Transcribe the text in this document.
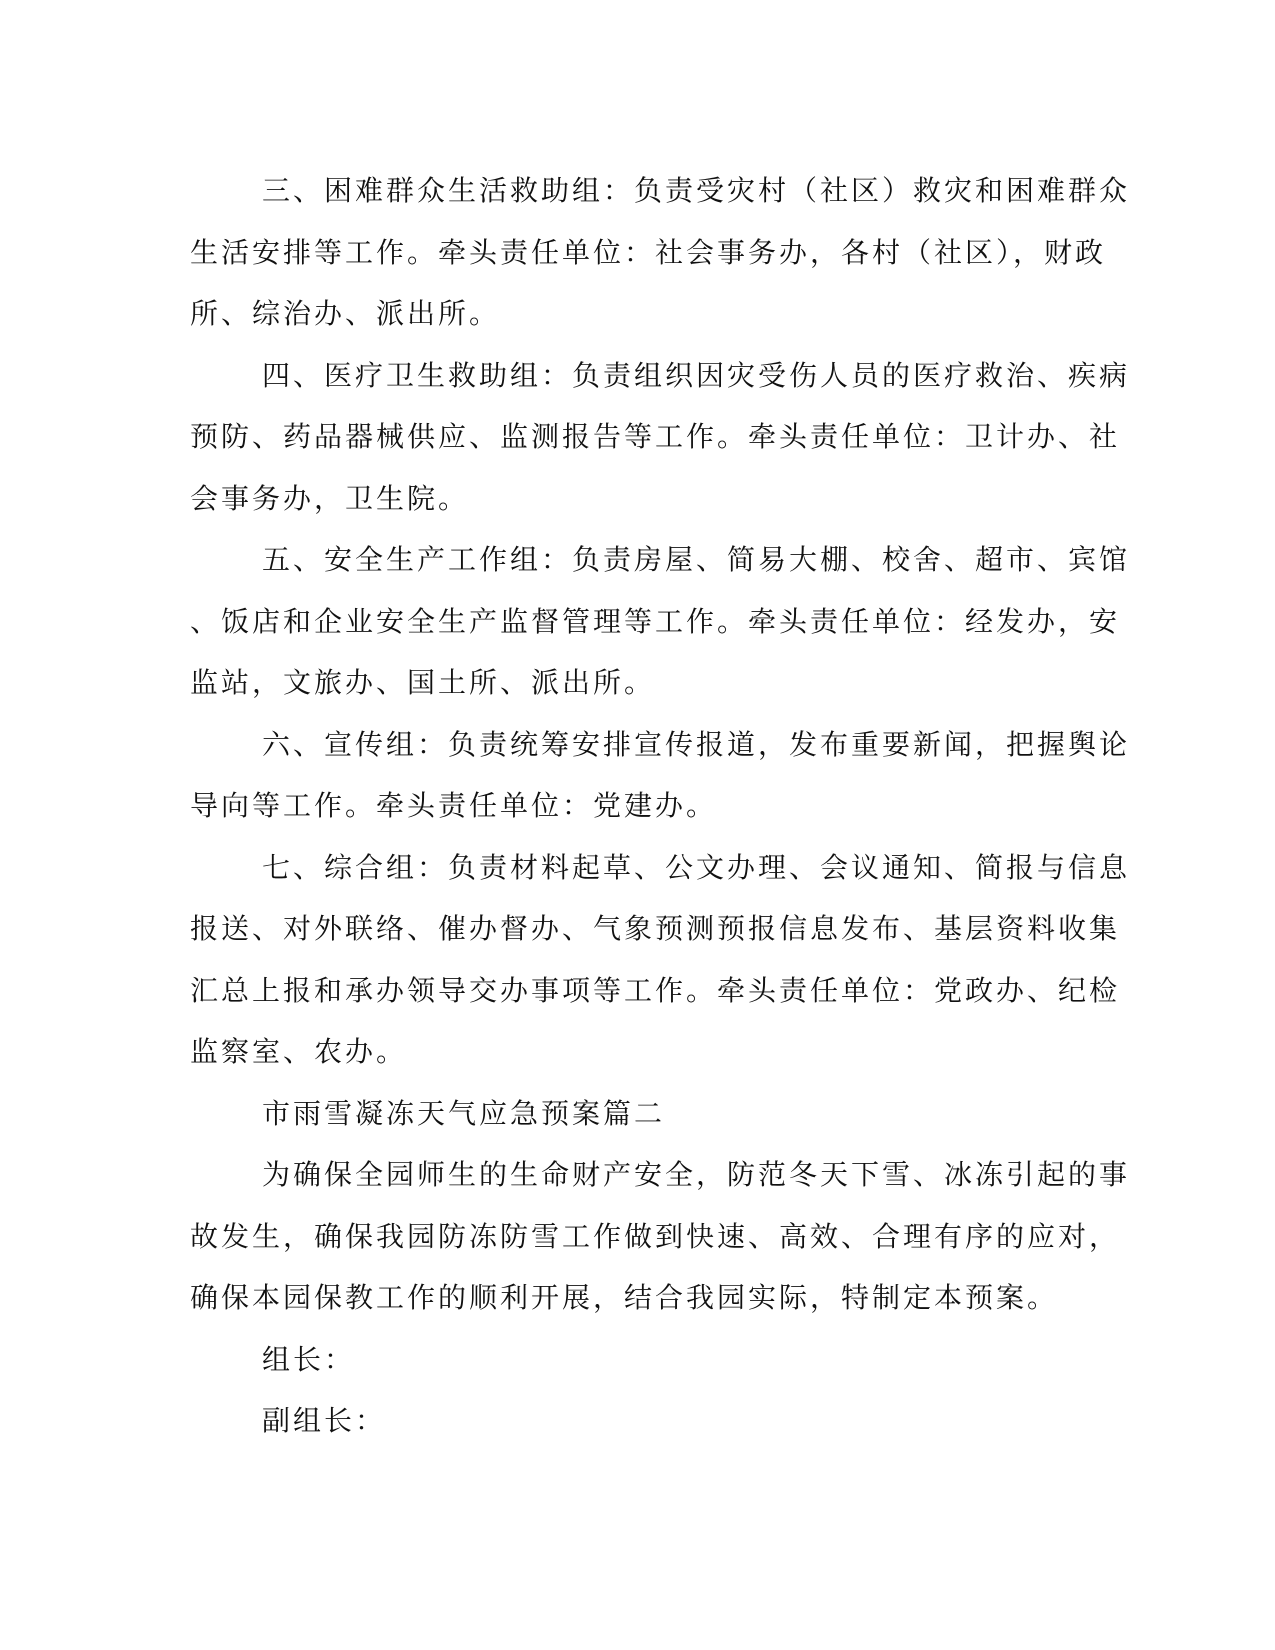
三、困难群众生活救助组：负责受灾村（社区）救灾和困难群众
生活安排等工作。牵头责任单位：社会事务办，各村（社区），财政
所、综治办、派出所。
四、医疗卫生救助组：负责组织因灾受伤人员的医疗救治、疾病
预防、药品器械供应、监测报告等工作。牵头责任单位：卫计办、社
会事务办，卫生院。
五、安全生产工作组：负责房屋、简易大棚、校舍、超市、宾馆
、饭店和企业安全生产监督管理等工作。牵头责任单位：经发办，安
监站，文旅办、国土所、派出所。
六、宣传组：负责统筹安排宣传报道，发布重要新闻，把握舆论
导向等工作。牵头责任单位：党建办。
七、综合组：负责材料起草、公文办理、会议通知、简报与信息
报送、对外联络、催办督办、气象预测预报信息发布、基层资料收集
汇总上报和承办领导交办事项等工作。牵头责任单位：党政办、纪检
监察室、农办。
市雨雪凝冻天气应急预案篇二
为确保全园师生的生命财产安全，防范冬天下雪、冰冻引起的事
故发生，确保我园防冻防雪工作做到快速、高效、合理有序的应对，
确保本园保教工作的顺利开展，结合我园实际，特制定本预案。
组长：
副组长：
